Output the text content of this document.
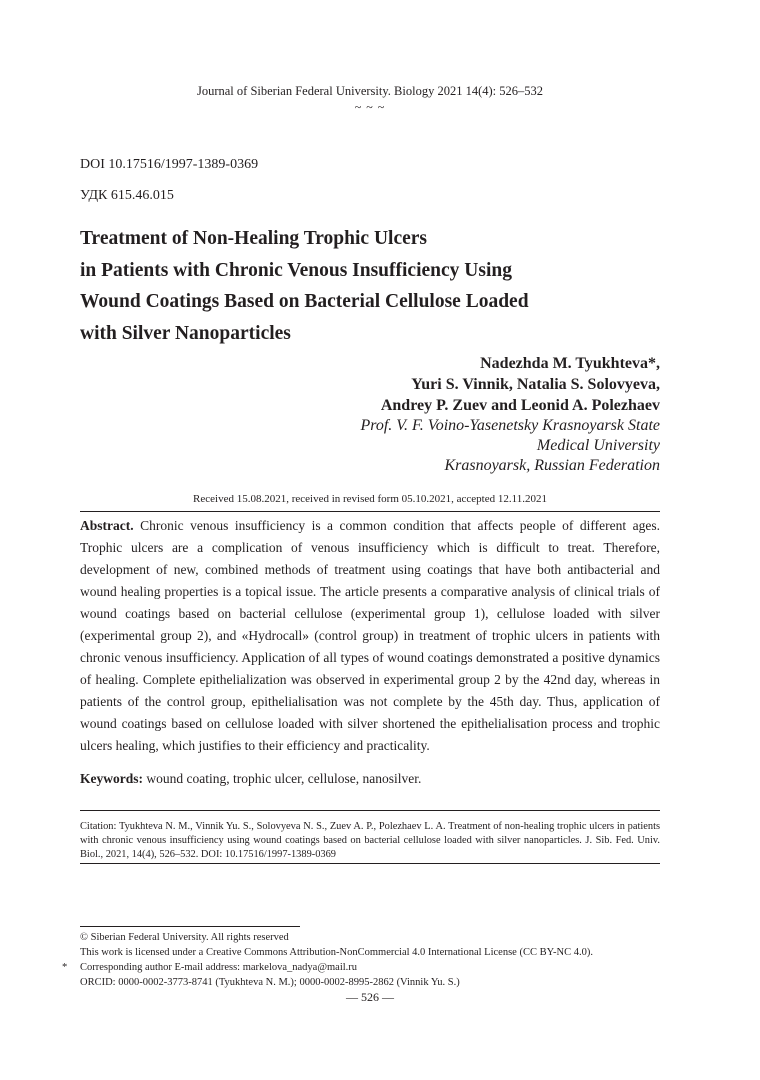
Journal of Siberian Federal University. Biology 2021 14(4): 526–532
~ ~ ~
DOI 10.17516/1997-1389-0369
УДК 615.46.015
Treatment of Non-Healing Trophic Ulcers
in Patients with Chronic Venous Insufficiency Using
Wound Coatings Based on Bacterial Cellulose Loaded
with Silver Nanoparticles
Nadezhda M. Tyukhteva*,
Yuri S. Vinnik, Natalia S. Solovyeva,
Andrey P. Zuev and Leonid A. Polezhaev
Prof. V. F. Voino-Yasenetsky Krasnoyarsk State
Medical University
Krasnoyarsk, Russian Federation
Received 15.08.2021, received in revised form 05.10.2021, accepted 12.11.2021
Abstract. Chronic venous insufficiency is a common condition that affects people of different ages. Trophic ulcers are a complication of venous insufficiency which is difficult to treat. Therefore, development of new, combined methods of treatment using coatings that have both antibacterial and wound healing properties is a topical issue. The article presents a comparative analysis of clinical trials of wound coatings based on bacterial cellulose (experimental group 1), cellulose loaded with silver (experimental group 2), and «Hydrocall» (control group) in treatment of trophic ulcers in patients with chronic venous insufficiency. Application of all types of wound coatings demonstrated a positive dynamics of healing. Complete epithelialization was observed in experimental group 2 by the 42nd day, whereas in patients of the control group, epithelialisation was not complete by the 45th day. Thus, application of wound coatings based on cellulose loaded with silver shortened the epithelialisation process and trophic ulcers healing, which justifies to their efficiency and practicality.
Keywords: wound coating, trophic ulcer, cellulose, nanosilver.
Citation: Tyukhteva N. M., Vinnik Yu. S., Solovyeva N. S., Zuev A. P., Polezhaev L. A. Treatment of non-healing trophic ulcers in patients with chronic venous insufficiency using wound coatings based on bacterial cellulose loaded with silver nanoparticles. J. Sib. Fed. Univ. Biol., 2021, 14(4), 526–532. DOI: 10.17516/1997-1389-0369
© Siberian Federal University. All rights reserved
This work is licensed under a Creative Commons Attribution-NonCommercial 4.0 International License (CC BY-NC 4.0).
*	Corresponding author E-mail address: markelova_nadya@mail.ru
ORCID: 0000-0002-3773-8741 (Tyukhteva N. M.); 0000-0002-8995-2862 (Vinnik Yu. S.)
— 526 —
